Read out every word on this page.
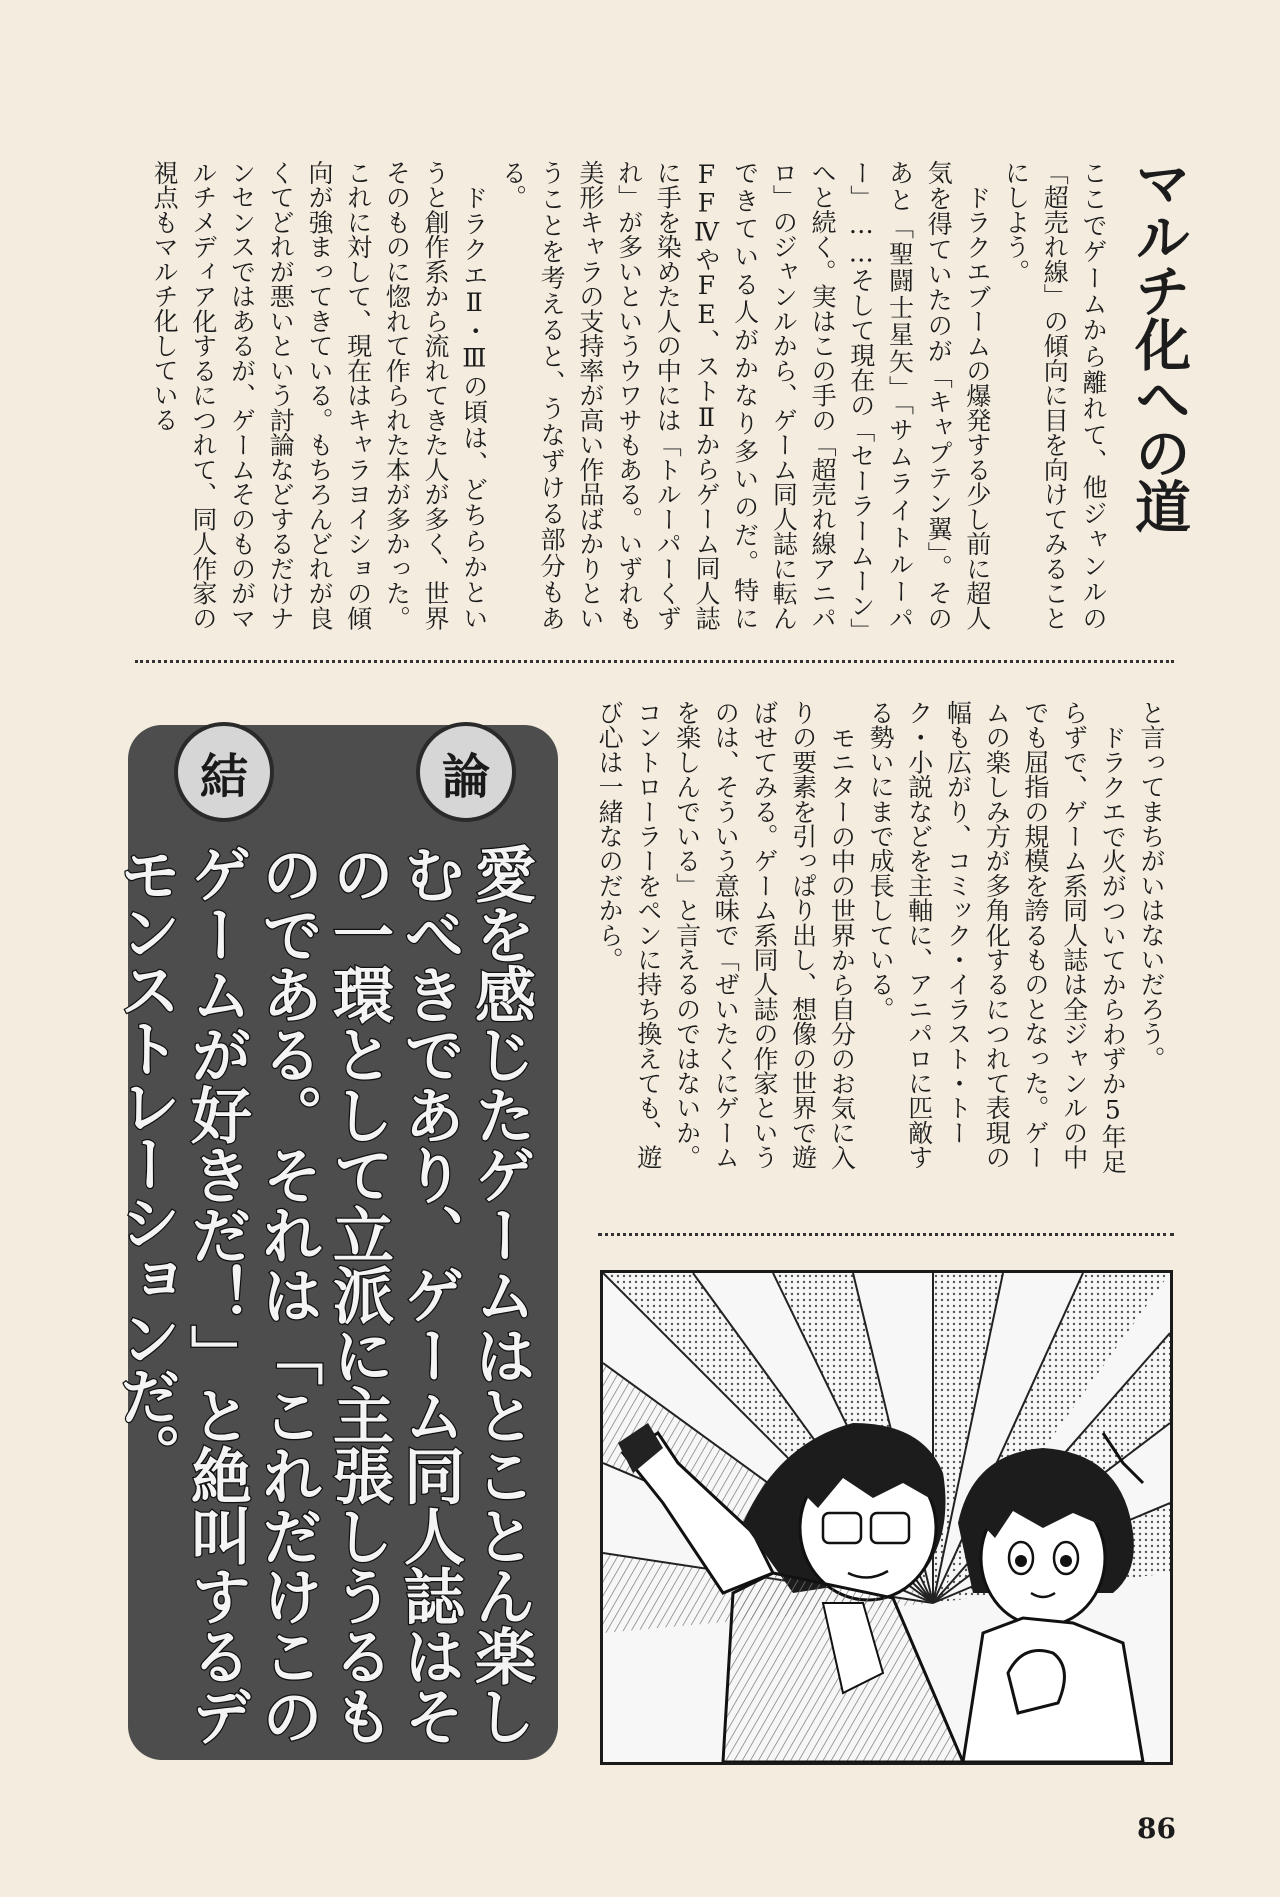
マルチ化への道

ここでゲームから離れて、他ジャンルの「超売れ線」の傾向に目を向けてみることにしよう。

ドラクエブームの爆発する少し前に超人気を得ていたのが「キャプテン翼」。そのあと「聖闘士星矢」「サムライトルーパー」……そして現在の「セーラームーン」へと続く。実はこの手の「超売れ線アニパロ」のジャンルから、ゲーム同人誌に転んできている人がかなり多いのだ。特にFFⅣやFE、ストⅡからゲーム同人誌に手を染めた人の中には「トルーパーくずれ」が多いというウワサもある。いずれも美形キャラの支持率が高い作品ばかりということを考えると、うなずける部分もある。

ドラクエⅡ・Ⅲの頃は、どちらかというと創作系から流れてきた人が多く、世界そのものに惚れて作られた本が多かった。これに対して、現在はキャラヨイショの傾向が強まってきている。もちろんどれが良くてどれが悪いという討論などするだけナンセンスではあるが、ゲームそのものがマルチメディア化するにつれて、同人作家の視点もマルチ化している

と言ってまちがいはないだろう。

ドラクエで火がついてからわずか5年足らずで、ゲーム系同人誌は全ジャンルの中でも屈指の規模を誇るものとなった。ゲームの楽しみ方が多角化するにつれて表現の幅も広がり、コミック・イラスト・トーク・小説などを主軸に、アニパロに匹敵する勢いにまで成長している。

モニターの中の世界から自分のお気に入りの要素を引っぱり出し、想像の世界で遊ばせてみる。ゲーム系同人誌の作家というのは、そういう意味で「ぜいたくにゲームを楽しんでいる」と言えるのではないか。コントローラーをペンに持ち換えても、遊び心は一緒なのだから。

論
結
愛を感じたゲームはとことん楽しむべきであり、ゲーム同人誌はその一環として立派に主張しうるものである。それは「これだけこのゲームが好きだ！」と絶叫するデモンストレーションだ。
86
